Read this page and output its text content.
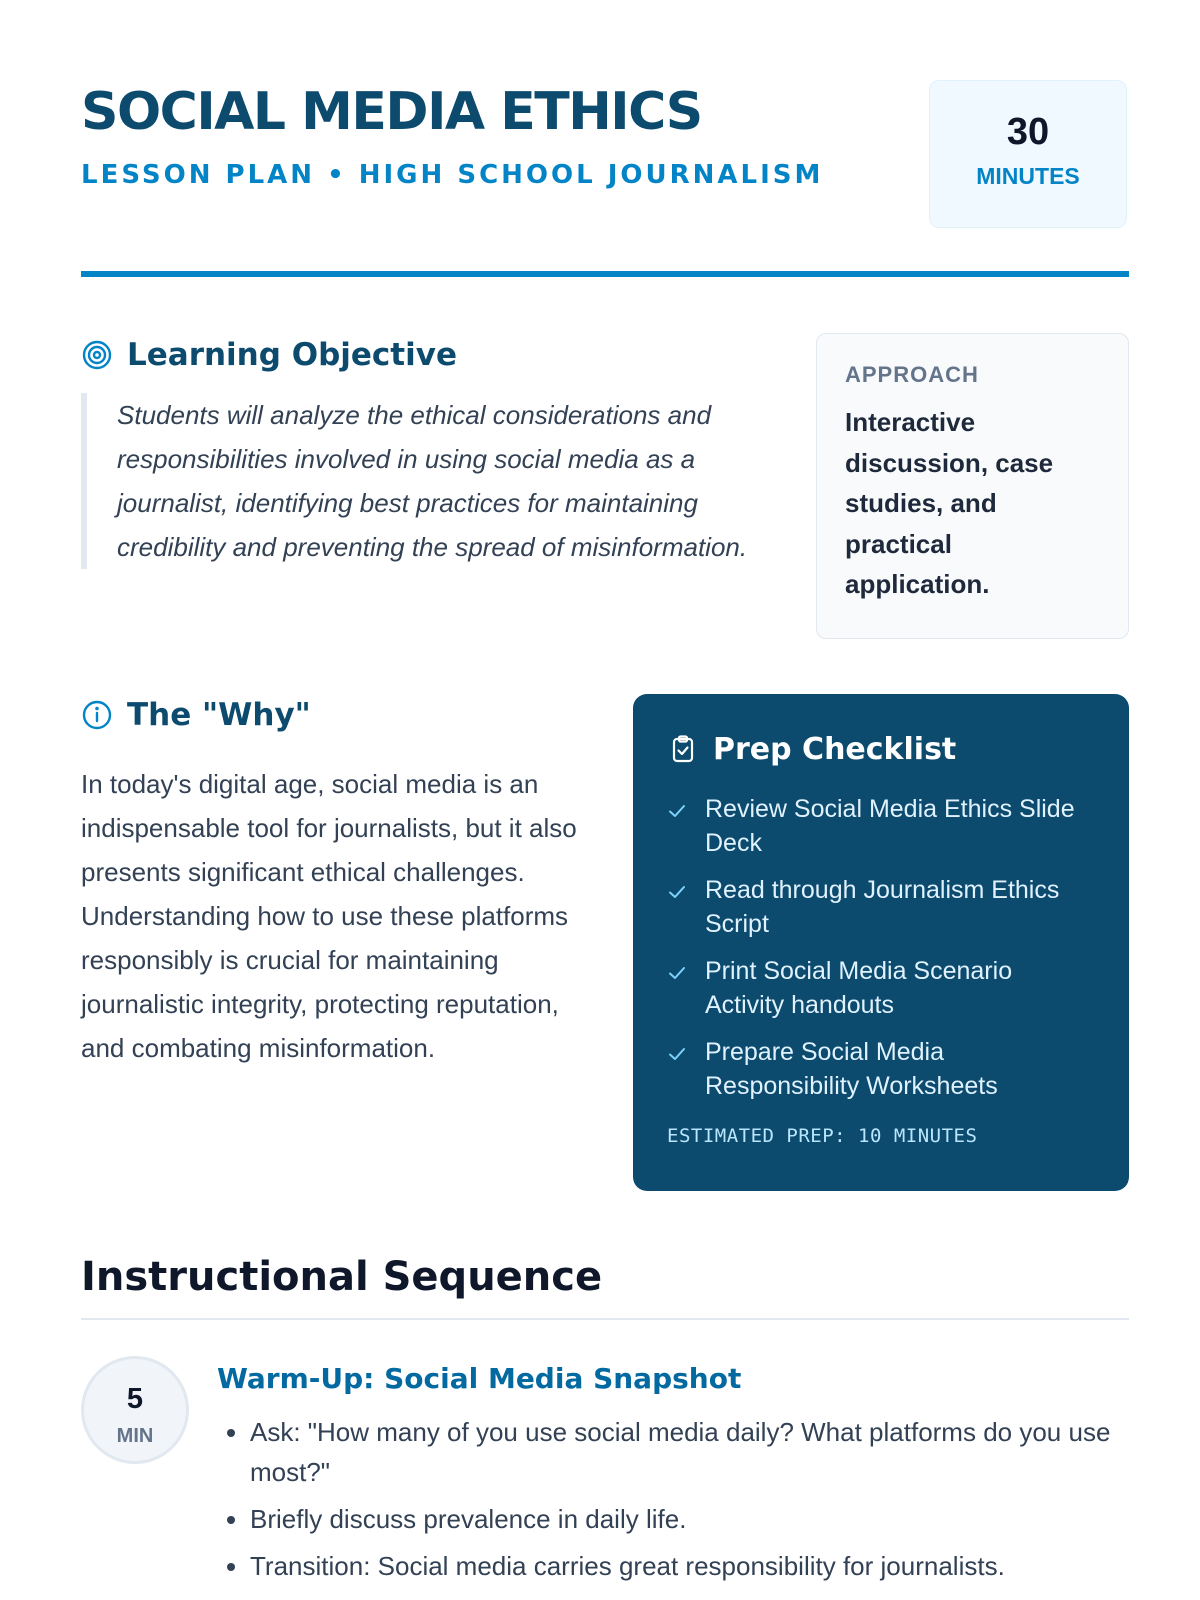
SOCIAL MEDIA ETHICS

LESSON PLAN • HIGH SCHOOL JOURNALISM

30
MINUTES
Learning Objective

Students will analyze the ethical considerations and responsibilities involved in using social media as a journalist, identifying best practices for maintaining credibility and preventing the spread of misinformation.

APPROACH

Interactive discussion, case studies, and practical application.

The "Why"

In today's digital age, social media is an indispensable tool for journalists, but it also presents significant ethical challenges. Understanding how to use these platforms responsibly is crucial for maintaining journalistic integrity, protecting reputation, and combating misinformation.

Prep Checklist
Review Social Media Ethics Slide Deck
Read through Journalism Ethics Script
Print Social Media Scenario Activity handouts
Prepare Social Media Responsibility Worksheets

ESTIMATED PREP: 10 MINUTES

Instructional Sequence
5
MIN
Warm-Up: Social Media Snapshot
• Ask: "How many of you use social media daily? What platforms do you use most?"
• Briefly discuss prevalence in daily life.
• Transition: Social media carries great responsibility for journalists.
